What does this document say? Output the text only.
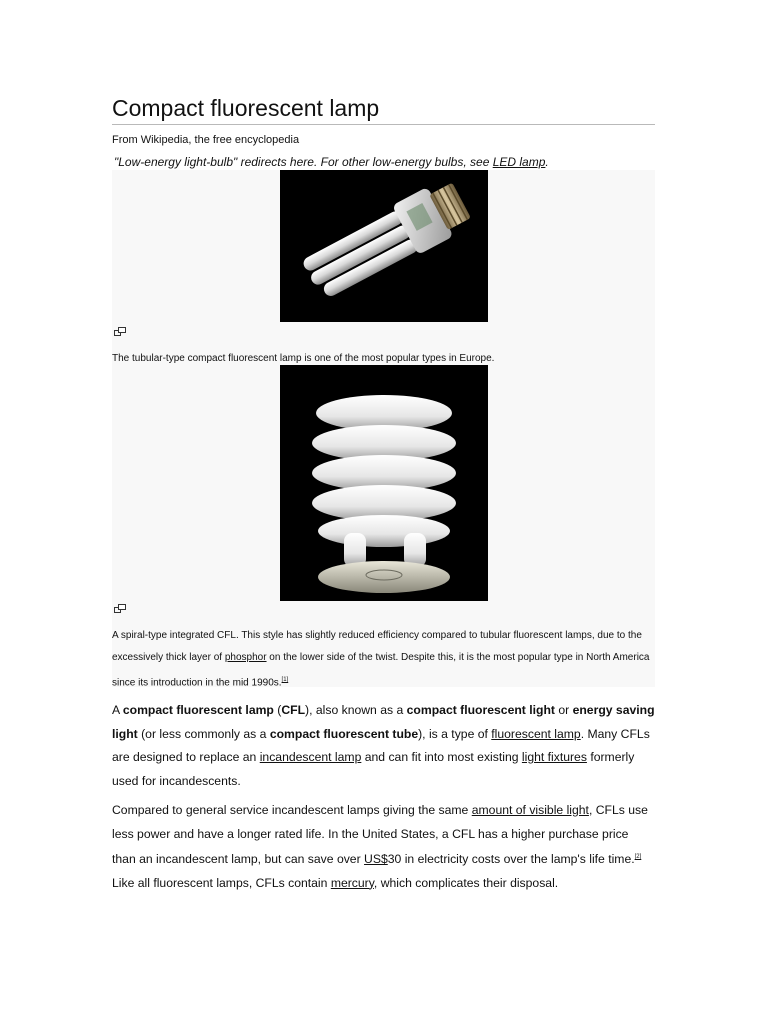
Compact fluorescent lamp
From Wikipedia, the free encyclopedia
"Low-energy light-bulb" redirects here. For other low-energy bulbs, see LED lamp.
The tubular-type compact fluorescent lamp is one of the most popular types in Europe.
A spiral-type integrated CFL. This style has slightly reduced efficiency compared to tubular fluorescent lamps, due to the excessively thick layer of phosphor on the lower side of the twist. Despite this, it is the most popular type in North America since its introduction in the mid 1990s.[1]

A compact fluorescent lamp (CFL), also known as a compact fluorescent light or energy saving light (or less commonly as a compact fluorescent tube), is a type of fluorescent lamp. Many CFLs are designed to replace an incandescent lamp and can fit into most existing light fixtures formerly used for incandescents.

Compared to general service incandescent lamps giving the same amount of visible light, CFLs use less power and have a longer rated life. In the United States, a CFL has a higher purchase price than an incandescent lamp, but can save over US$30 in electricity costs over the lamp's life time.[2] Like all fluorescent lamps, CFLs contain mercury, which complicates their disposal.
